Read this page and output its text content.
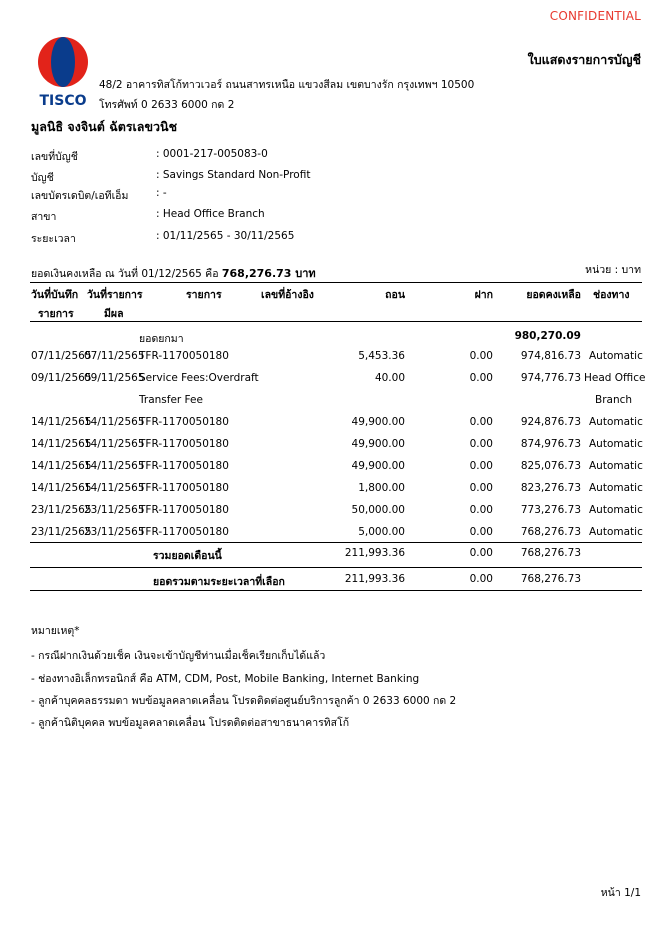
CONFIDENTIAL
ใบแสดงรายการบัญชี
TISCO
48/2 อาคารทิสโก้ทาวเวอร์ ถนนสาทรเหนือ แขวงสีลม เขตบางรัก กรุงเทพฯ 10500
โทรศัพท์ 0 2633 6000 กด 2
มูลนิธิ จงจินต์ ฉัตรเลขวนิช
เลขที่บัญชี	: 0001-217-005083-0
บัญชี	: Savings Standard Non-Profit
เลขบัตรเดบิต/เอทีเอ็ม	: -
สาขา	: Head Office Branch
ระยะเวลา	: 01/11/2565 - 30/11/2565
ยอดเงินคงเหลือ ณ วันที่ 01/12/2565 คือ 768,276.73 บาท	หน่วย : บาท
วันที่บันทึก
รายการ
วันที่รายการ
มีผล
รายการ	เลขที่อ้างอิง	ถอน	ฝาก	ยอดคงเหลือ ช่องทาง
ยอดยกมา	980,270.09
07/11/2565
07/11/2565
TFR-1170050180	5,453.36	0.00	974,816.73 Automatic
09/11/2565
09/11/2565
Service Fees:Overdraft
Transfer Fee
40.00	0.00	974,776.73 Head Office
Branch
14/11/2565
14/11/2565
TFR-1170050180	49,900.00	0.00	924,876.73 Automatic
14/11/2565
14/11/2565
TFR-1170050180	49,900.00	0.00	874,976.73 Automatic
14/11/2565
14/11/2565
TFR-1170050180	49,900.00	0.00	825,076.73 Automatic
14/11/2565
14/11/2565
TFR-1170050180	1,800.00	0.00	823,276.73 Automatic
23/11/2565
23/11/2565
TFR-1170050180	50,000.00	0.00	773,276.73 Automatic
23/11/2565
23/11/2565
TFR-1170050180	5,000.00	0.00	768,276.73 Automatic
รวมยอดเดือนนี้	211,993.36	0.00	768,276.73
ยอดรวมตามระยะเวลาที่เลือก	211,993.36	0.00	768,276.73
หมายเหตุ*
- กรณีฝากเงินด้วยเช็ค เงินจะเข้าบัญชีท่านเมื่อเช็คเรียกเก็บได้แล้ว
- ช่องทางอิเล็กทรอนิกส์ คือ ATM, CDM, Post, Mobile Banking, Internet Banking
- ลูกค้าบุคคลธรรมดา พบข้อมูลคลาดเคลื่อน โปรดติดต่อศูนย์บริการลูกค้า 0 2633 6000 กด 2
- ลูกค้านิติบุคคล พบข้อมูลคลาดเคลื่อน โปรดติดต่อสาขาธนาคารทิสโก้
หน้า 1/1
